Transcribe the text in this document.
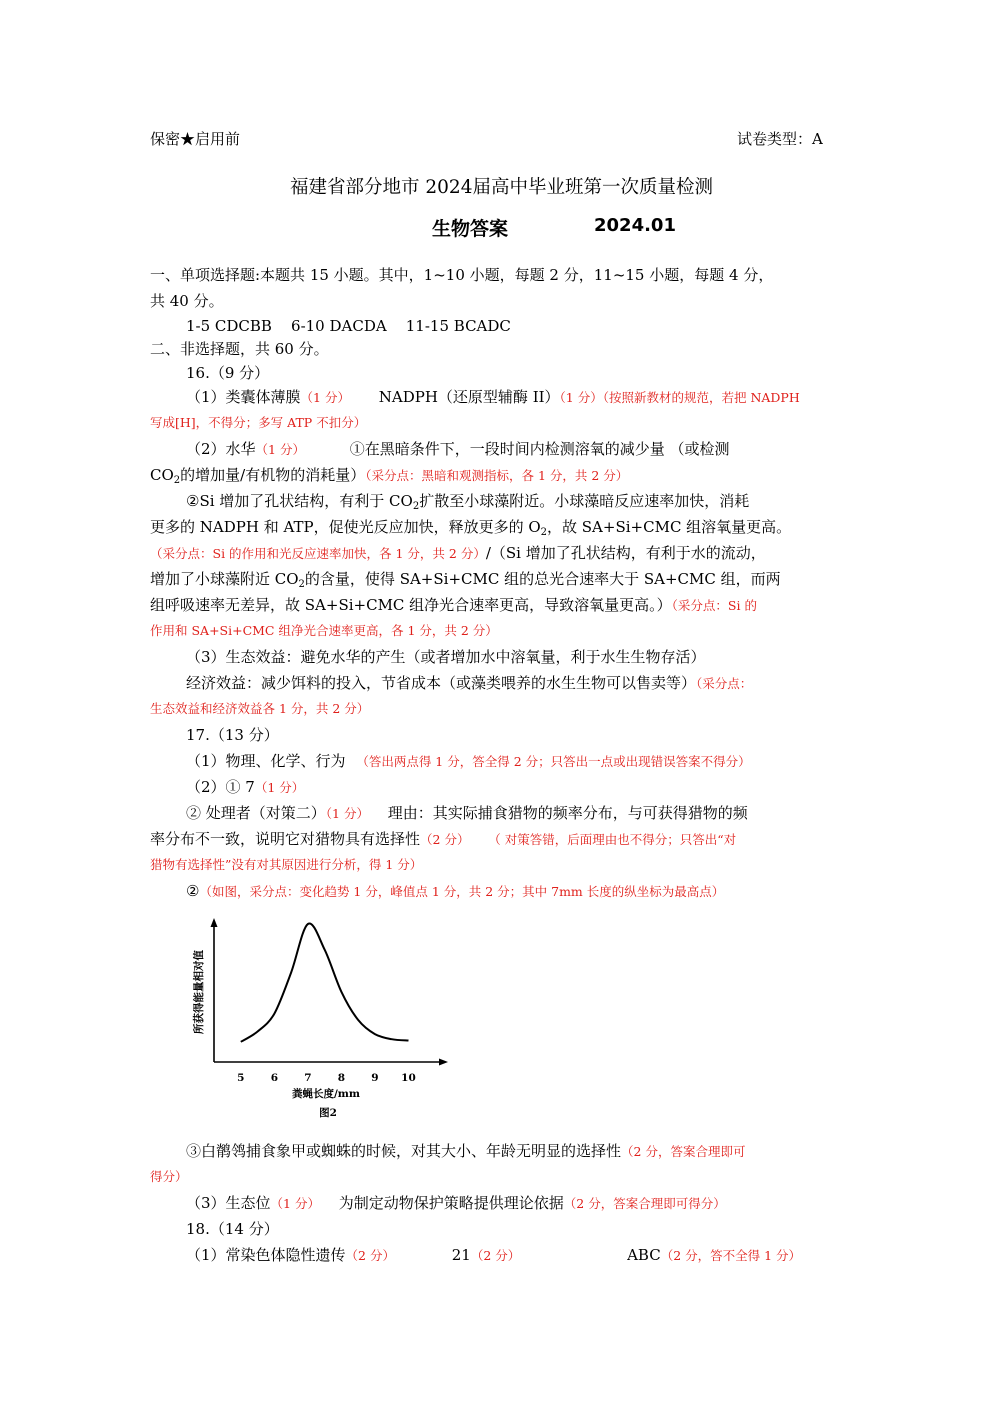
保密★启用前	试卷类型：A
福建省部分地市 2024届高中毕业班第一次质量检测
生物答案	2024.01
一、单项选择题:本题共 15 小题。其中，1~10 小题，每题 2 分，11~15 小题，每题 4 分，
共 40 分。
1-5 CDCBB    6-10 DACDA    11-15 BCADC
二、非选择题，共 60 分。
16.（9 分）
（1）类囊体薄膜（1 分） NADPH（还原型辅酶 II）（1 分）（按照新教材的规范，若把 NADPH
写成[H]，不得分；多写 ATP 不扣分）
（2）水华（1 分）	①在黑暗条件下，一段时间内检测溶氧的减少量 （或检测
$CO_2$的增加量/有机物的消耗量）（采分点：黑暗和观测指标，各 1 分，共 2 分）
②Si 增加了孔状结构，有利于 $CO_2$扩散至小球藻附近。小球藻暗反应速率加快，消耗
更多的 NADPH 和 ATP，促使光反应加快，释放更多的 $O_2$，故 SA+Si+CMC 组溶氧量更高。
（采分点：Si 的作用和光反应速率加快，各 1 分，共 2 分）/（Si 增加了孔状结构，有利于水的流动，
增加了小球藻附近 $CO_2$的含量，使得 SA+Si+CMC 组的总光合速率大于 SA+CMC 组，而两
组呼吸速率无差异，故 SA+Si+CMC 组净光合速率更高，导致溶氧量更高。）（采分点：Si 的
作用和 SA+Si+CMC 组净光合速率更高，各 1 分，共 2 分）
（3）生态效益：避免水华的产生（或者增加水中溶氧量，利于水生生物存活）
经济效益：减少饵料的投入，节省成本（或藻类喂养的水生生物可以售卖等）（采分点：
生态效益和经济效益各 1 分，共 2 分）
17.（13 分）
（1）物理、化学、行为 （答出两点得 1 分，答全得 2 分；只答出一点或出现错误答案不得分）
（2）① 7（1 分）
② 处理者（对策二）（1 分） 理由：其实际捕食猎物的频率分布，与可获得猎物的频
率分布不一致，说明它对猎物具有选择性（2 分） （ 对策答错，后面理由也不得分；只答出“对
猎物有选择性”没有对其原因进行分析，得 1 分）
②（如图，采分点：变化趋势 1 分，峰值点 1 分，共 2 分；其中 7mm 长度的纵坐标为最高点）
5 6 7 8 9 10
所获得能量相对值
粪蝇长度/mm
图2
③白鹡鸰捕食象甲或蜘蛛的时候，对其大小、年龄无明显的选择性（2 分，答案合理即可
得分）
（3）生态位（1 分） 为制定动物保护策略提供理论依据（2 分，答案合理即可得分）
18.（14 分）
（1）常染色体隐性遗传（2 分）	21（2 分）	ABC（2 分，答不全得 1 分）
